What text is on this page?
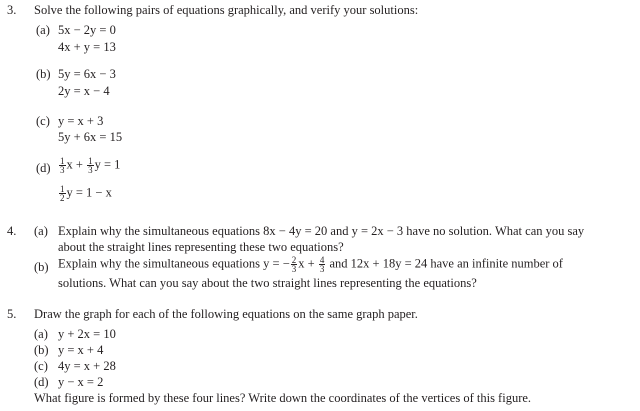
3. Solve the following pairs of equations graphically, and verify your solutions:
(a) 5x − 2y = 0
4x + y = 13
(b) 5y = 6x − 3
2y = x − 4
(c) y = x + 3
5y + 6x = 15
$(d) \frac{1}{3}$ $x + \frac{1}{3}$ y = 1
$\frac{1}{2}$ y = 1 − x
4. (a) Explain why the simultaneous equations 8x − 4y = 20 and y = 2x − 3 have no solution. What can you say
about the straight lines representing these two equations?
(b) Explain why the simultaneous equations y = − $\frac{2}{3}$ $x + \frac{4}{3}$ and 12x + 18y = 24 have an infinite number of
solutions. What can you say about the two straight lines representing the equations?
5. Draw the graph for each of the following equations on the same graph paper.
(a) y + 2x = 10
(b) y = x + 4
(c) 4y = x + 28
(d) y − x = 2
What figure is formed by these four lines? Write down the coordinates of the vertices of this figure.
